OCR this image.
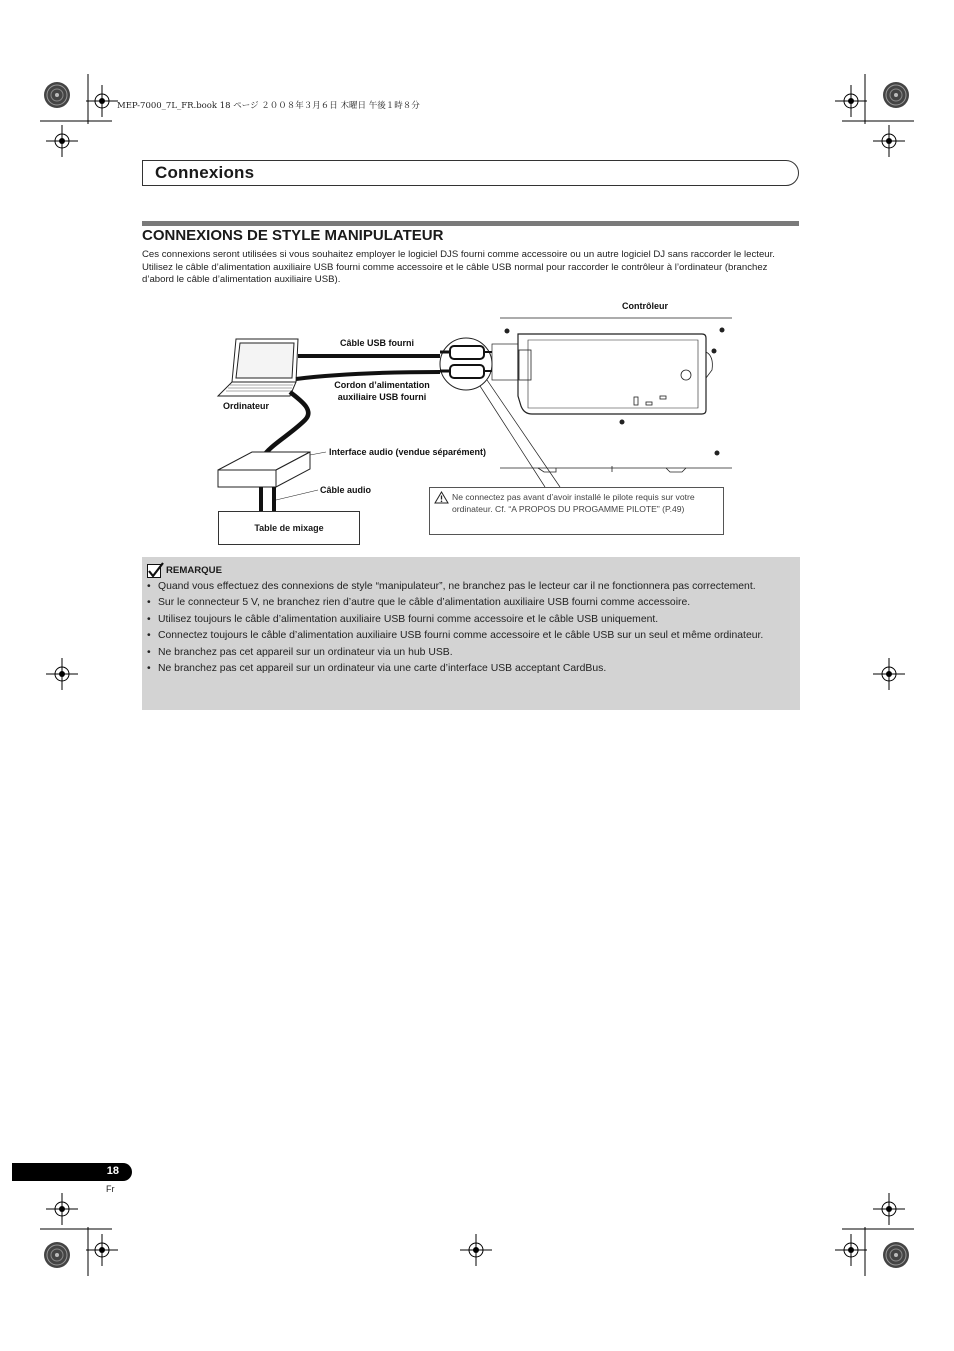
MEP-7000_7L_FR.book 18 ページ ２００８年３月６日 木曜日 午後１時８分
Connexions
CONNEXIONS DE STYLE MANIPULATEUR
Ces connexions seront utilisées si vous souhaitez employer le logiciel DJS fourni comme accessoire ou un autre logiciel DJ sans raccorder le lecteur. Utilisez le câble d’alimentation auxiliaire USB fourni comme accessoire et le câble USB normal pour raccorder le contrôleur à l’ordinateur (branchez d’abord le câble d’alimentation auxiliaire USB).
Contrôleur
Câble USB fourni
Cordon d’alimentation
auxiliaire USB fourni
Ordinateur
Interface audio (vendue séparément)
Câble audio
Table de mixage
Ne connectez pas avant d’avoir installé le pilote requis sur votre ordinateur. Cf. “A PROPOS DU PROGAMME PILOTE” (P.49)
REMARQUE
• Quand vous effectuez des connexions de style “manipulateur”, ne branchez pas le lecteur car il ne fonctionnera pas correctement.
• Sur le connecteur 5 V, ne branchez rien d’autre que le câble d’alimentation auxiliaire USB fourni comme accessoire.
• Utilisez toujours le câble d’alimentation auxiliaire USB fourni comme accessoire et le câble USB uniquement.
• Connectez toujours le câble d’alimentation auxiliaire USB fourni comme accessoire et le câble USB sur un seul et même ordinateur.
• Ne branchez pas cet appareil sur un ordinateur via un hub USB.
• Ne branchez pas cet appareil sur un ordinateur via une carte d’interface USB acceptant CardBus.
18
Fr
